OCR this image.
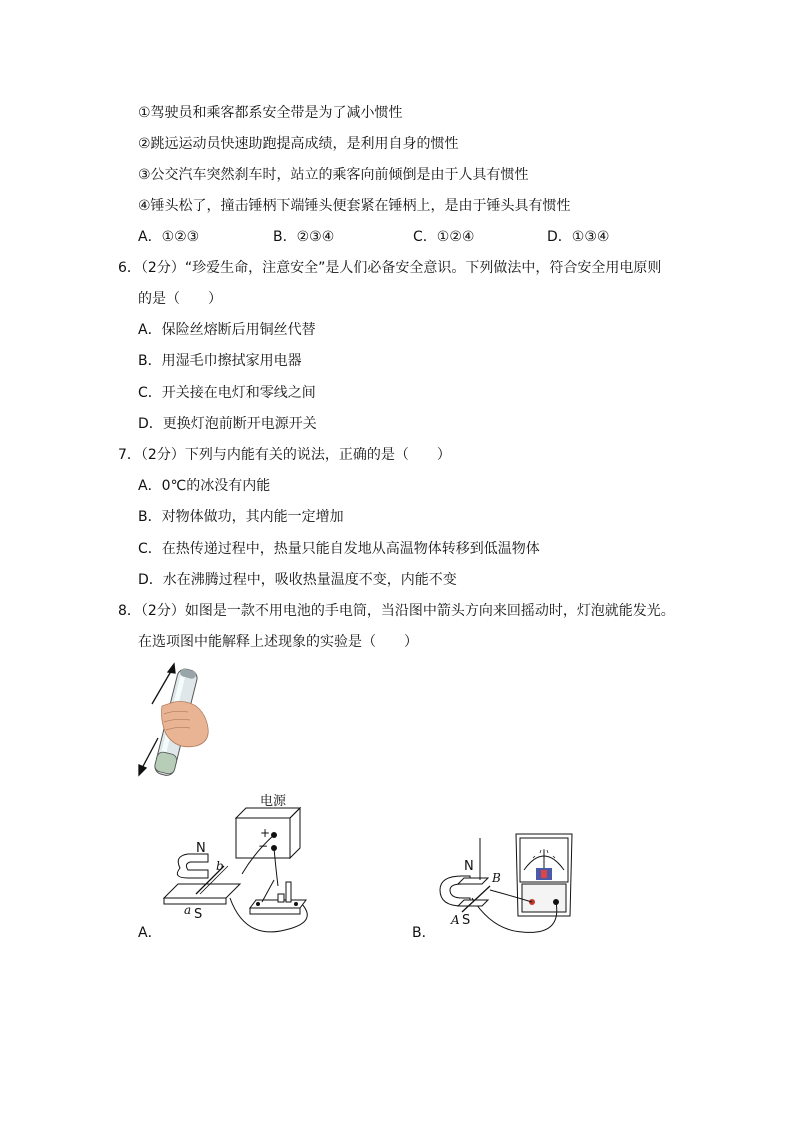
①驾驶员和乘客都系安全带是为了减小惯性
②跳远运动员快速助跑提高成绩，是利用自身的惯性
③公交汽车突然刹车时，站立的乘客向前倾倒是由于人具有惯性
④锤头松了，撞击锤柄下端锤头便套紧在锤柄上，是由于锤头具有惯性
A．①②③	B．②③④	C．①②④	D．①③④
6．（2分）“珍爱生命，注意安全”是人们必备安全意识。下列做法中，符合安全用电原则
的是（　　）
A．保险丝熔断后用铜丝代替
B．用湿毛巾擦拭家用电器
C．开关接在电灯和零线之间
D．更换灯泡前断开电源开关
7．（2分）下列与内能有关的说法，正确的是（　　）
A．0℃的冰没有内能
B．对物体做功，其内能一定增加
C．在热传递过程中，热量只能自发地从高温物体转移到低温物体
D．水在沸腾过程中，吸收热量温度不变，内能不变
8．（2分）如图是一款不用电池的手电筒，当沿图中箭头方向来回摇动时，灯泡就能发光。
在选项图中能解释上述现象的实验是（　　）
电源
+
−
N
S
a
b
A．
N
S
A
B
B．
